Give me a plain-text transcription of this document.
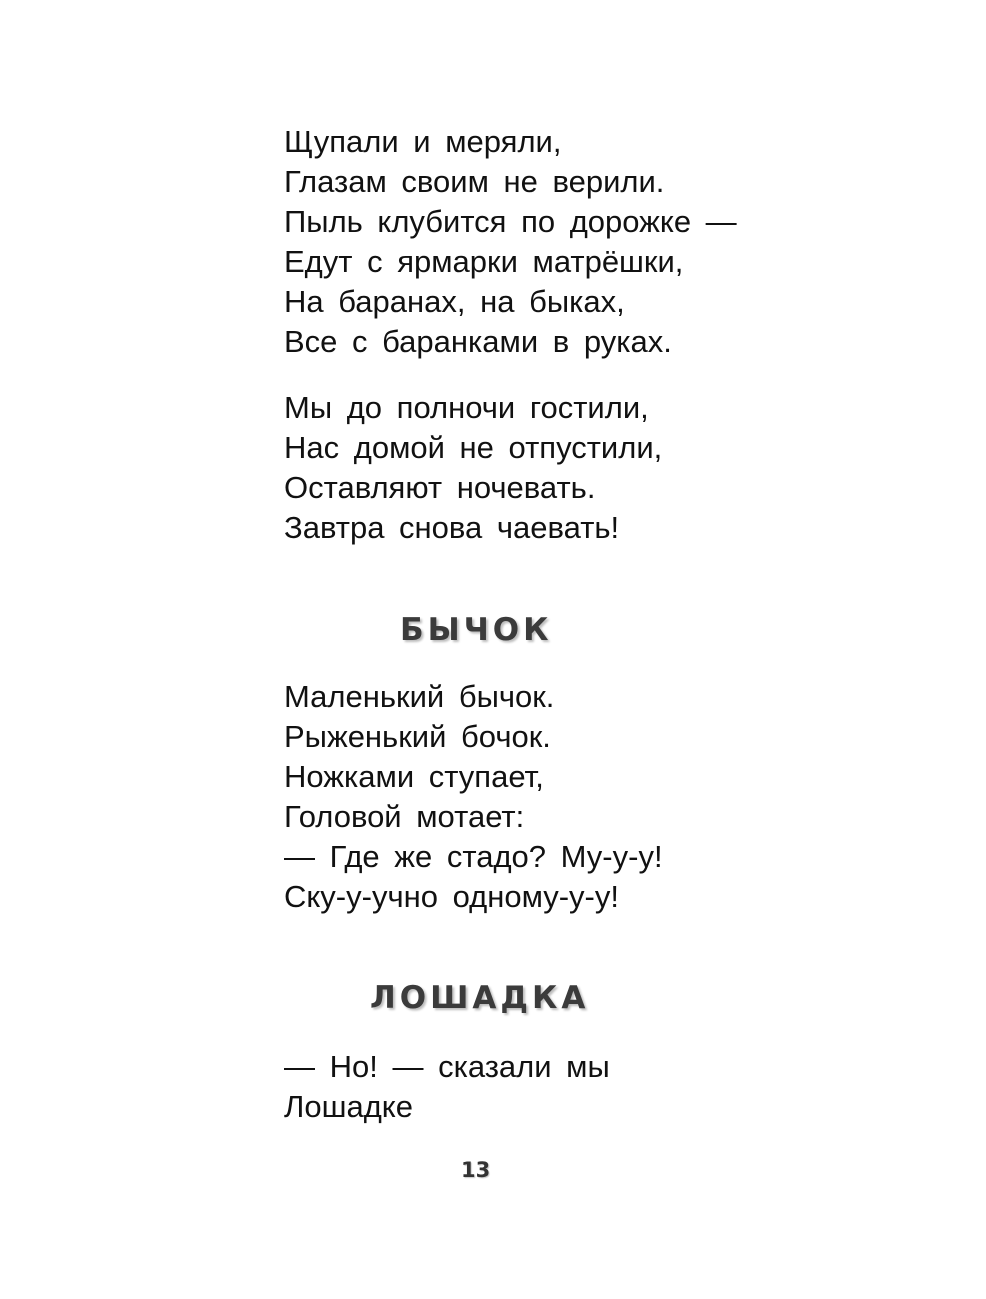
Щупали и меряли,
Глазам своим не верили.
Пыль клубится по дорожке —
Едут с ярмарки матрёшки,
На баранах, на быках,
Все с баранками в руках.
Мы до полночи гостили,
Нас домой не отпустили,
Оставляют ночевать.
Завтра снова чаевать!
БЫЧОК
Маленький бычок.
Рыженький бочок.
Ножками ступает,
Головой мотает:
— Где же стадо? Му-у-у!
Ску-у-учно одному-у-у!
ЛОШАДКА
— Но! — сказали мы
Лошадке
13
